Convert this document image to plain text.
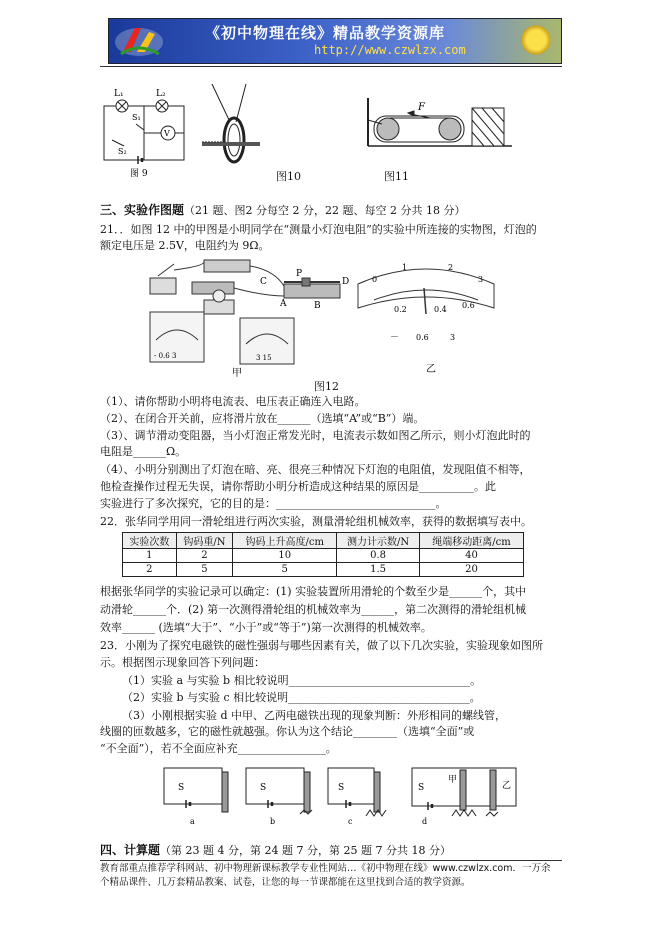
《初中物理在线》精品教学资源库
http://www.czwlzx.com
L₁	L₂
S₁
V
S₂
图 9	图10
F
图11
三、实验作图题（21 题、图2 分每空 2 分，22 题、每空 2 分共 18 分）
21．．如图 12 中的甲图是小明同学在“测量小灯泡电阻”的实验中所连接的实物图，灯泡的
额定电压是 2.5V，电阻约为 9Ω。
P
C	D
A	B
- 0.6 3	3 15
甲
0
1	2
3
0.2	0.4 0.6
－ 0.6	3
乙
图12
（1）、请你帮助小明将电流表、电压表正确连入电路。
（2）、在闭合开关前，应将滑片放在______（选填“A”或“B”）端。
（3）、调节滑动变阻器，当小灯泡正常发光时，电流表示数如图乙所示，则小灯泡此时的
电阻是______Ω。
（4）、小明分别测出了灯泡在暗、亮、很亮三种情况下灯泡的电阻值，发现阻值不相等，
他检查操作过程无失误，请你帮助小明分析造成这种结果的原因是__________。此
实验进行了多次探究，它的目的是：_____________________________。
22．张华同学用同一滑轮组进行两次实验，测量滑轮组机械效率，获得的数据填写表中。
实验次数	钩码重/N	钩码上升高度/cm	测力计示数/N	绳端移动距离/cm
1	2	10	0.8	40
2	5	5	1.5	20
根据张华同学的实验记录可以确定：(1) 实验装置所用滑轮的个数至少是______个，其中
动滑轮______个．(2) 第一次测得滑轮组的机械效率为______，第二次测得的滑轮组机械
效率______ (选填“大于”、“小于”或“等于”)第一次测得的机械效率。
23．小刚为了探究电磁铁的磁性强弱与哪些因素有关，做了以下几次实验，实验现象如图所
示。根据图示现象回答下列问题：
（1）实验 a 与实验 b 相比较说明_________________________________。
（2）实验 b 与实验 c 相比较说明_________________________________。
（3）小刚根据实验 d 中甲、乙两电磁铁出现的现象判断：外形相同的螺线管，
线圈的匝数越多，它的磁性就越强。你认为这个结论________（选填“全面”或
“不全面”），若不全面应补充________________。
S	S	S	S
a	b	c	d
甲
乙
四、计算题（第 23 题 4 分，第 24 题 7 分，第 25 题 7 分共 18 分）
教育部重点推荐学科网站、初中物理新课标教学专业性网站…《初中物理在线》www.czwlzx.com．一万余
个精品课件、几万套精品教案、试卷，让您的每一节课都能在这里找到合适的教学资源。
